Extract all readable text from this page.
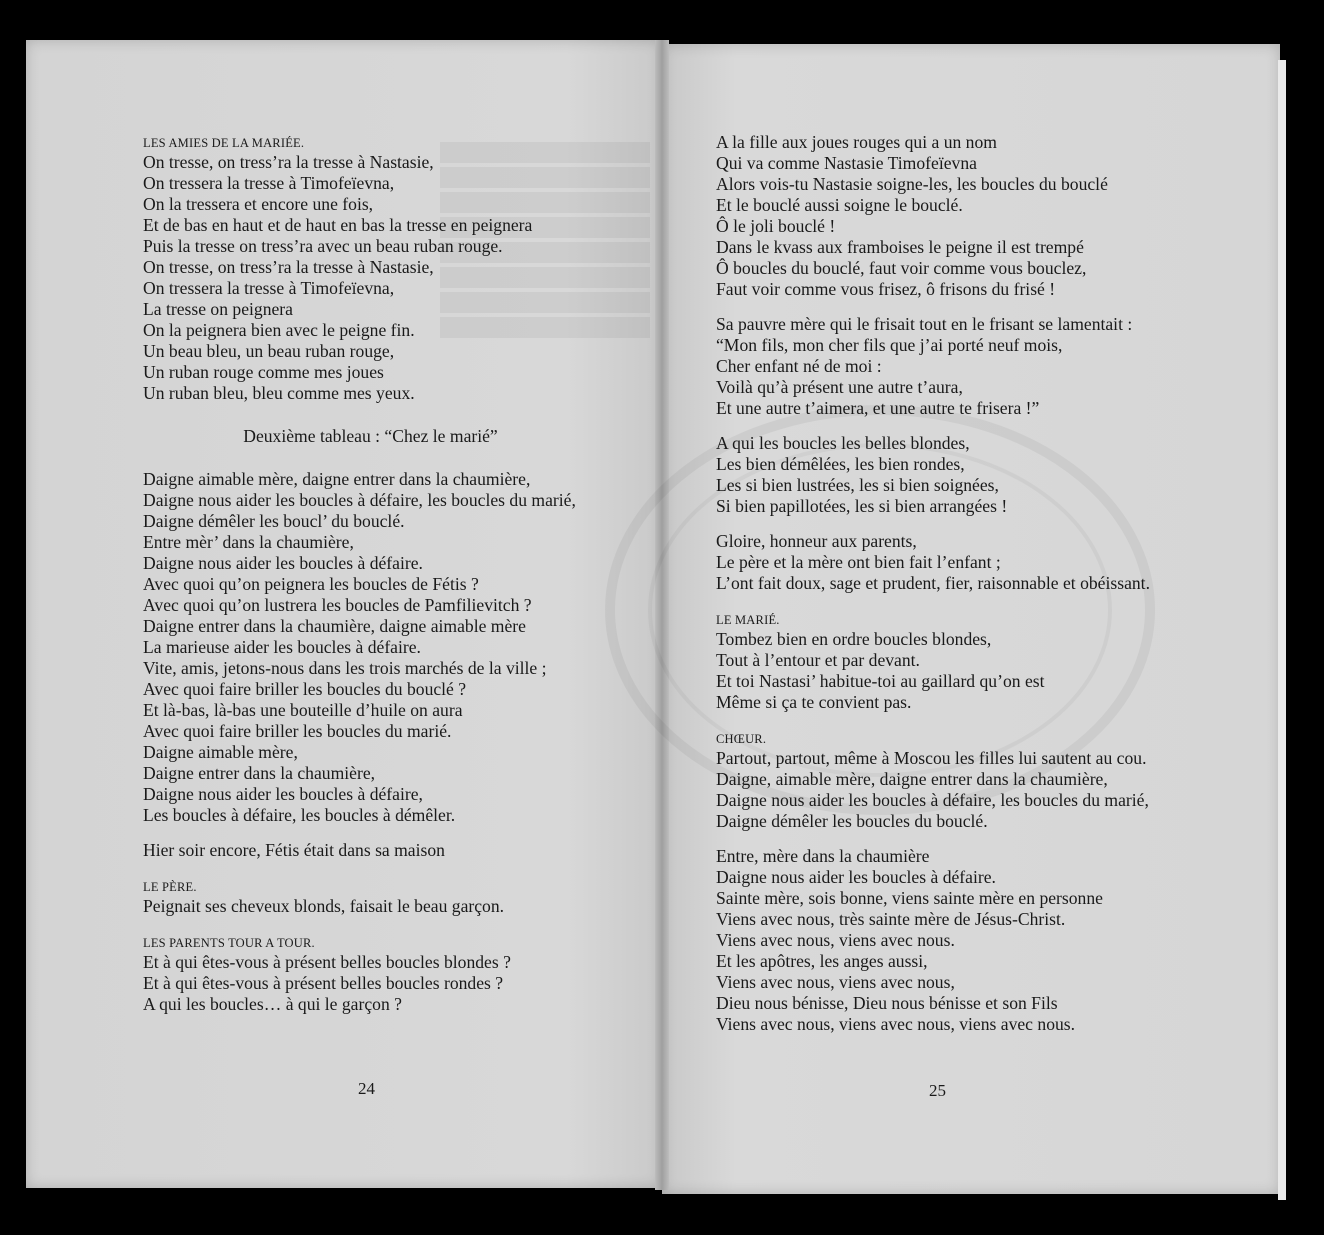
LES AMIES DE LA MARIÉE.
On tresse, on tress’ra la tresse à Nastasie,
On tressera la tresse à Timofeïevna,
On la tressera et encore une fois,
Et de bas en haut et de haut en bas la tresse en peignera
Puis la tresse on tress’ra avec un beau ruban rouge.
On tresse, on tress’ra la tresse à Nastasie,
On tressera la tresse à Timofeïevna,
La tresse on peignera
On la peignera bien avec le peigne fin.
Un beau bleu, un beau ruban rouge,
Un ruban rouge comme mes joues
Un ruban bleu, bleu comme mes yeux.
Deuxième tableau : “Chez le marié”
Daigne aimable mère, daigne entrer dans la chaumière,
Daigne nous aider les boucles à défaire, les boucles du marié,
Daigne démêler les boucl’ du bouclé.
Entre mèr’ dans la chaumière,
Daigne nous aider les boucles à défaire.
Avec quoi qu’on peignera les boucles de Fétis ?
Avec quoi qu’on lustrera les boucles de Pamfilievitch ?
Daigne entrer dans la chaumière, daigne aimable mère
La marieuse aider les boucles à défaire.
Vite, amis, jetons-nous dans les trois marchés de la ville ;
Avec quoi faire briller les boucles du bouclé ?
Et là-bas, là-bas une bouteille d’huile on aura
Avec quoi faire briller les boucles du marié.
Daigne aimable mère,
Daigne entrer dans la chaumière,
Daigne nous aider les boucles à défaire,
Les boucles à défaire, les boucles à démêler.
Hier soir encore, Fétis était dans sa maison
LE PÈRE.
Peignait ses cheveux blonds, faisait le beau garçon.
LES PARENTS TOUR A TOUR.
Et à qui êtes-vous à présent belles boucles blondes ?
Et à qui êtes-vous à présent belles boucles rondes ?
A qui les boucles… à qui le garçon ?
A la fille aux joues rouges qui a un nom
Qui va comme Nastasie Timofeïevna
Alors vois-tu Nastasie soigne-les, les boucles du bouclé
Et le bouclé aussi soigne le bouclé.
Ô le joli bouclé !
Dans le kvass aux framboises le peigne il est trempé
Ô boucles du bouclé, faut voir comme vous bouclez,
Faut voir comme vous frisez, ô frisons du frisé !
Sa pauvre mère qui le frisait tout en le frisant se lamentait :
“Mon fils, mon cher fils que j’ai porté neuf mois,
Cher enfant né de moi :
Voilà qu’à présent une autre t’aura,
Et une autre t’aimera, et une autre te frisera !”
A qui les boucles les belles blondes,
Les bien démêlées, les bien rondes,
Les si bien lustrées, les si bien soignées,
Si bien papillotées, les si bien arrangées !
Gloire, honneur aux parents,
Le père et la mère ont bien fait l’enfant ;
L’ont fait doux, sage et prudent, fier, raisonnable et obéissant.
LE MARIÉ.
Tombez bien en ordre boucles blondes,
Tout à l’entour et par devant.
Et toi Nastasi’ habitue-toi au gaillard qu’on est
Même si ça te convient pas.
CHŒUR.
Partout, partout, même à Moscou les filles lui sautent au cou.
Daigne, aimable mère, daigne entrer dans la chaumière,
Daigne nous aider les boucles à défaire, les boucles du marié,
Daigne démêler les boucles du bouclé.
Entre, mère dans la chaumière
Daigne nous aider les boucles à défaire.
Sainte mère, sois bonne, viens sainte mère en personne
Viens avec nous, très sainte mère de Jésus-Christ.
Viens avec nous, viens avec nous.
Et les apôtres, les anges aussi,
Viens avec nous, viens avec nous,
Dieu nous bénisse, Dieu nous bénisse et son Fils
Viens avec nous, viens avec nous, viens avec nous.
24	25
